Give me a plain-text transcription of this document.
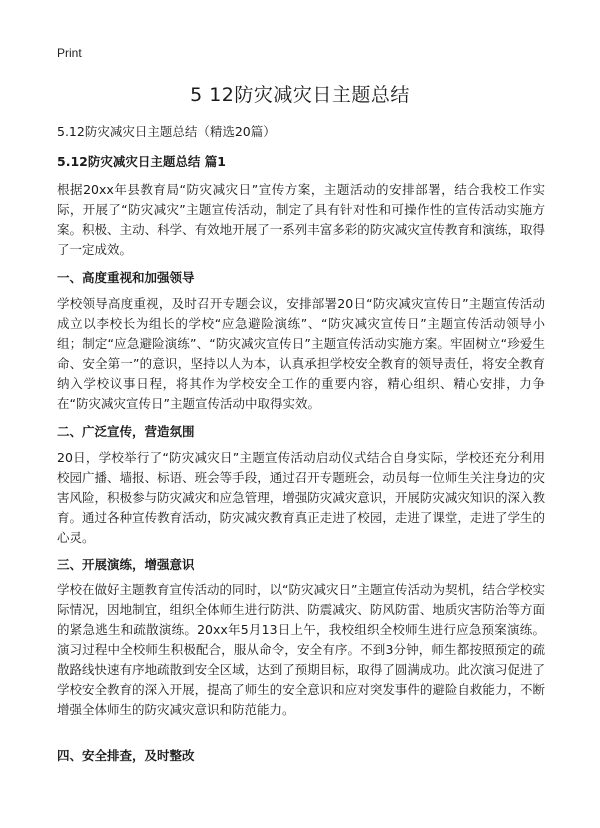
Print
5 12防灾减灾日主题总结

5.12防灾减灾日主题总结（精选20篇）

5.12防灾减灾日主题总结 篇1

根据20xx年县教育局“防灾减灾日”宣传方案，主题活动的安排部署，结合我校工作实际，开展了“防灾减灾”主题宣传活动，制定了具有针对性和可操作性的宣传活动实施方案。积极、主动、科学、有效地开展了一系列丰富多彩的防灾减灾宣传教育和演练，取得了一定成效。

一、高度重视和加强领导

学校领导高度重视，及时召开专题会议，安排部署20日“防灾减灾宣传日”主题宣传活动成立以李校长为组长的学校“应急避险演练”、“防灾减灾宣传日”主题宣传活动领导小组；制定“应急避险演练”、“防灾减灾宣传日”主题宣传活动实施方案。牢固树立“珍爱生命、安全第一”的意识，坚持以人为本，认真承担学校安全教育的领导责任，将安全教育纳入学校议事日程，将其作为学校安全工作的重要内容，精心组织、精心安排，力争在“防灾减灾宣传日”主题宣传活动中取得实效。

二、广泛宣传，营造氛围

20日，学校举行了“防灾减灾日”主题宣传活动启动仪式结合自身实际，学校还充分利用校园广播、墙报、标语、班会等手段，通过召开专题班会，动员每一位师生关注身边的灾害风险，积极参与防灾减灾和应急管理，增强防灾减灾意识，开展防灾减灾知识的深入教育。通过各种宣传教育活动，防灾减灾教育真正走进了校园，走进了课堂，走进了学生的心灵。

三、开展演练，增强意识

学校在做好主题教育宣传活动的同时，以“防灾减灾日”主题宣传活动为契机，结合学校实际情况，因地制宜，组织全体师生进行防洪、防震减灾、防风防雷、地质灾害防治等方面的紧急逃生和疏散演练。20xx年5月13日上午，我校组织全校师生进行应急预案演练。演习过程中全校师生积极配合，服从命令，安全有序。不到3分钟，师生都按照预定的疏散路线快速有序地疏散到安全区域，达到了预期目标，取得了圆满成功。此次演习促进了学校安全教育的深入开展，提高了师生的安全意识和应对突发事件的避险自救能力，不断增强全体师生的防灾减灾意识和防范能力。

四、安全排查，及时整改
